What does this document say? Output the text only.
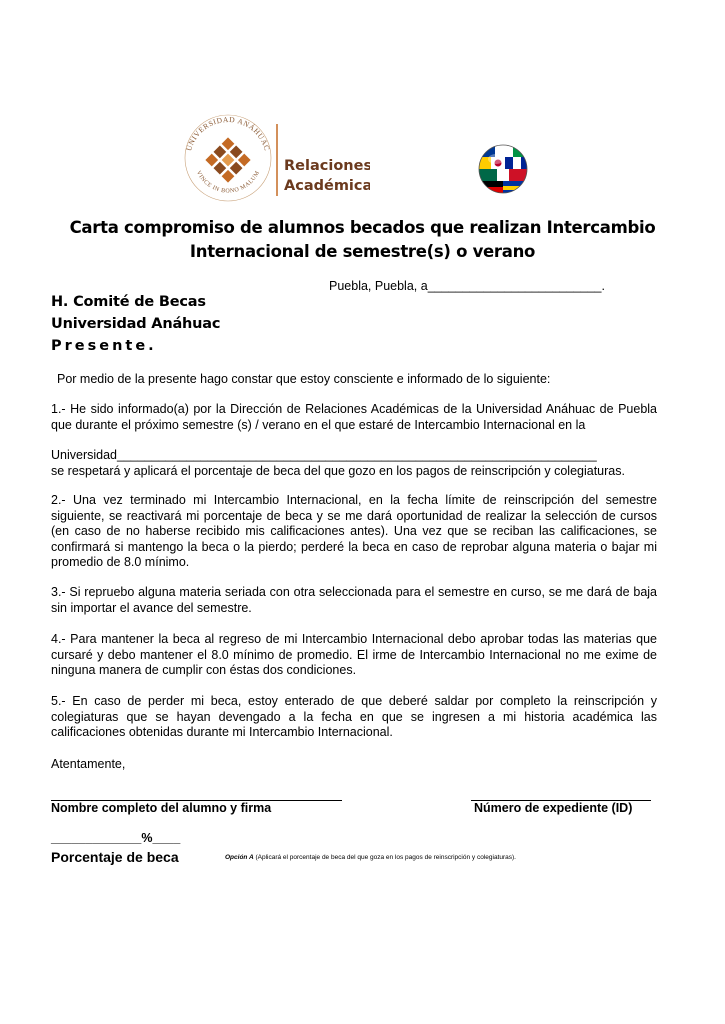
UNIVERSIDAD ANÁHUAC
VINCE IN BONO MALUM
Relaciones
Académica
Carta compromiso de alumnos becados que realizan Intercambio
Internacional de semestre(s) o verano
Puebla, Puebla, a_________________________.
H. Comité de Becas
Universidad Anáhuac
Presente.
Por medio de la presente hago constar que estoy consciente e informado de lo siguiente:
1.- He sido informado(a) por la Dirección de Relaciones Académicas de la Universidad Anáhuac de Puebla que durante el próximo semestre (s) / verano en el que estaré de Intercambio Internacional en la
Universidad_____________________________________________________________________
se respetará y aplicará el porcentaje de beca del que gozo en los pagos de reinscripción y colegiaturas.
2.- Una vez terminado mi Intercambio Internacional, en la fecha límite de reinscripción del semestre siguiente, se reactivará mi porcentaje de beca y se me dará oportunidad de realizar la selección de cursos (en caso de no haberse recibido mis calificaciones antes). Una vez que se reciban las calificaciones, se confirmará si mantengo la beca o la pierdo; perderé la beca en caso de reprobar alguna materia o bajar mi promedio de 8.0 mínimo.
3.- Si repruebo alguna materia seriada con otra seleccionada para el semestre en curso, se me dará de baja sin importar el avance del semestre.
4.- Para mantener la beca al regreso de mi Intercambio Internacional debo aprobar todas las materias que cursaré y debo mantener el 8.0 mínimo de promedio. El irme de Intercambio Internacional no me exime de ninguna manera de cumplir con éstas dos condiciones.
5.- En caso de perder mi beca, estoy enterado de que deberé saldar por completo la reinscripción y colegiaturas que se hayan devengado a la fecha en que se ingresen a mi historia académica las calificaciones obtenidas durante mi Intercambio Internacional.
Atentamente,
Nombre completo del alumno y firma	Número de expediente (ID)
_____________%____
Porcentaje de beca	Opción A (Aplicará el porcentaje de beca del que goza en los pagos de reinscripción y colegiaturas).
